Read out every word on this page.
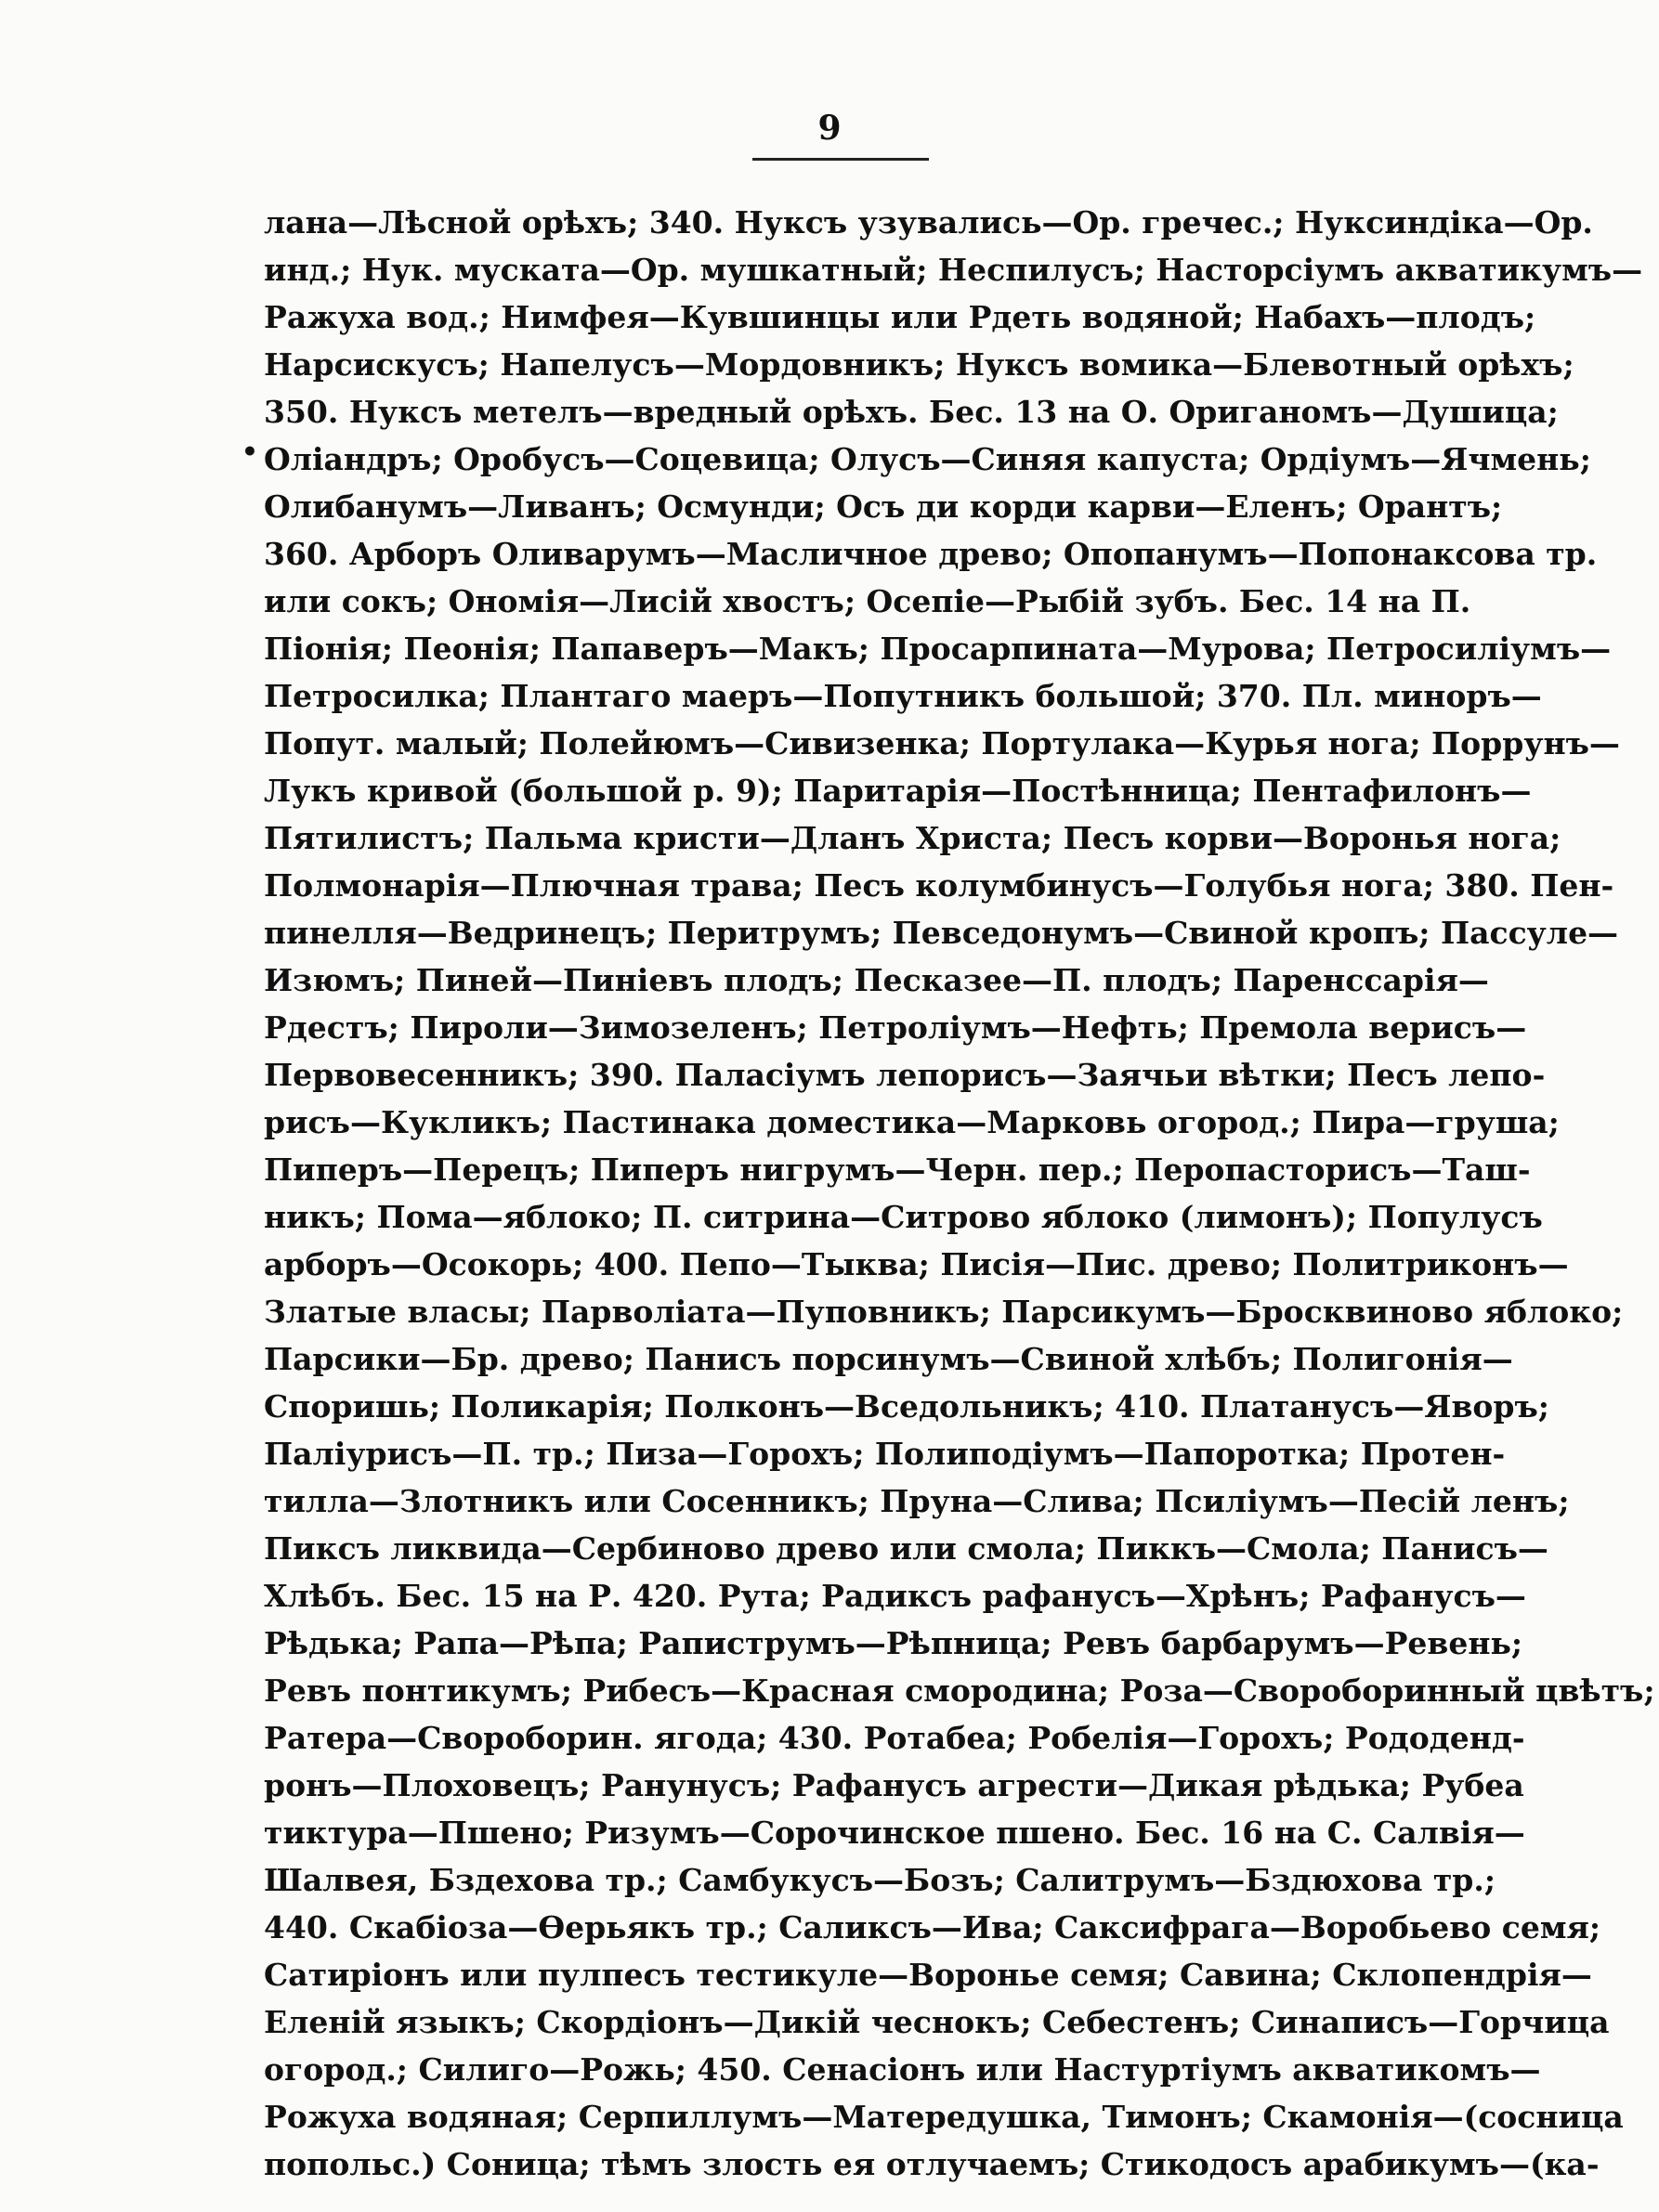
9
•
лана—Лѣсной орѣхъ; 340. Нуксъ узувались—Ор. гречес.; Нуксиндіка—Ор.
инд.; Нук. мускатa—Ор. мушкатный; Неспилусъ; Насторсіумъ акватикумъ—
Ражуха вод.; Нимфея—Кувшинцы или Рдеть водяной; Набахъ—плодъ;
Нарсискусъ; Напелусъ—Мордовникъ; Нуксъ вомика—Блевотный орѣхъ;
350. Нуксъ метелъ—вредный орѣхъ. Бес. 13 на О. Ориганомъ—Душица;
Оліандръ; Оробусъ—Соцевица; Олусъ—Синяя капуста; Ордіумъ—Ячмень;
Олибанумъ—Ливанъ; Осмунди; Осъ ди корди карви—Еленъ; Орантъ;
360. Арборъ Оливарумъ—Масличное древо; Опопанумъ—Попонаксова тр.
или сокъ; Ономія—Лисій хвостъ; Осепіе—Рыбій зубъ. Бес. 14 на П.
Піонія; Пеонія; Папаверъ—Макъ; Просарпината—Мурова; Петросилiумъ—
Петросилка; Плантаго маеръ—Попутникъ большой; 370. Пл. миноръ—
Попут. малый; Полейюмъ—Сивизенка; Портулака—Курья нога; Поррунъ—
Лукъ кривой (большой р. 9); Паритарія—Постѣнница; Пентафилонъ—
Пятилистъ; Пальма кристи—Дланъ Христа; Песъ корви—Воронья нога;
Полмонарія—Плючная трава; Песъ колумбинусъ—Голубья нога; 380. Пен-
пинелля—Ведринецъ; Перитрумъ; Певседонумъ—Свиной кропъ; Пассуле—
Изюмъ; Пиней—Пиніевъ плодъ; Песказее—П. плодъ; Паренссарія—
Рдестъ; Пироли—Зимозеленъ; Петролiумъ—Нефть; Премола верисъ—
Первовесенникъ; 390. Паласіумъ лепорисъ—Заячьи вѣтки; Песъ лепо-
рисъ—Кукликъ; Пастинака доместика—Марковь огород.; Пира—груша;
Пиперъ—Перецъ; Пиперъ нигрумъ—Черн. пер.; Перопасторисъ—Таш-
никъ; Пома—яблоко; П. ситрина—Ситрово яблоко (лимонъ); Популусъ
арборъ—Осокорь; 400. Пепо—Тыква; Писія—Пис. древо; Политриконъ—
Златые власы; Парволіата—Пуповникъ; Парсикумъ—Бросквиново яблоко;
Парсики—Бр. древо; Панисъ порсинумъ—Свиной хлѣбъ; Полигонія—
Споришь; Поликарія; Полконъ—Вседольникъ; 410. Платанусъ—Яворъ;
Паліурисъ—П. тр.; Пиза—Горохъ; Полиподіумъ—Папоротка; Протен-
тилла—Злотникъ или Сосенникъ; Пруна—Слива; Псиліумъ—Песій ленъ;
Пиксъ ликвида—Сербиново древо или смола; Пиккъ—Смола; Панисъ—
Хлѣбъ. Бес. 15 на Р. 420. Рута; Радиксъ рафанусъ—Хрѣнъ; Рафанусъ—
Рѣдька; Рапа—Рѣпа; Рапиструмъ—Рѣпница; Ревъ барбарумъ—Ревень;
Ревъ понтикумъ; Рибесъ—Красная смородина; Роза—Свороборинный цвѣтъ;
Ратера—Свороборин. ягода; 430. Ротабеа; Робелія—Горохъ; Рододенд-
ронъ—Плоховецъ; Ранунусъ; Рафанусъ агрести—Дикая рѣдька; Рубеа
тиктура—Пшено; Ризумъ—Сорочинское пшено. Бес. 16 на С. Салвія—
Шалвея, Бздехова тр.; Самбукусъ—Бозъ; Салитрумъ—Бздюхова тр.;
440. Скабіоза—Ѳерьякъ тр.; Саликсъ—Ива; Саксифрага—Воробьево семя;
Сатиріонъ или пулпесъ тестикуле—Воронье семя; Савина; Склопендрія—
Еленій языкъ; Скордіонъ—Дикій чеснокъ; Себестенъ; Синаписъ—Горчица
огород.; Силиго—Рожь; 450. Сенасіонъ или Настуртіумъ акватикомъ—
Рожуха водяная; Серпиллумъ—Матередушка, Тимонъ; Скамонія—(сосница
попольс.) Соница; тѣмъ злость ея отлучаемъ; Стикодосъ арабикумъ—(ка-
